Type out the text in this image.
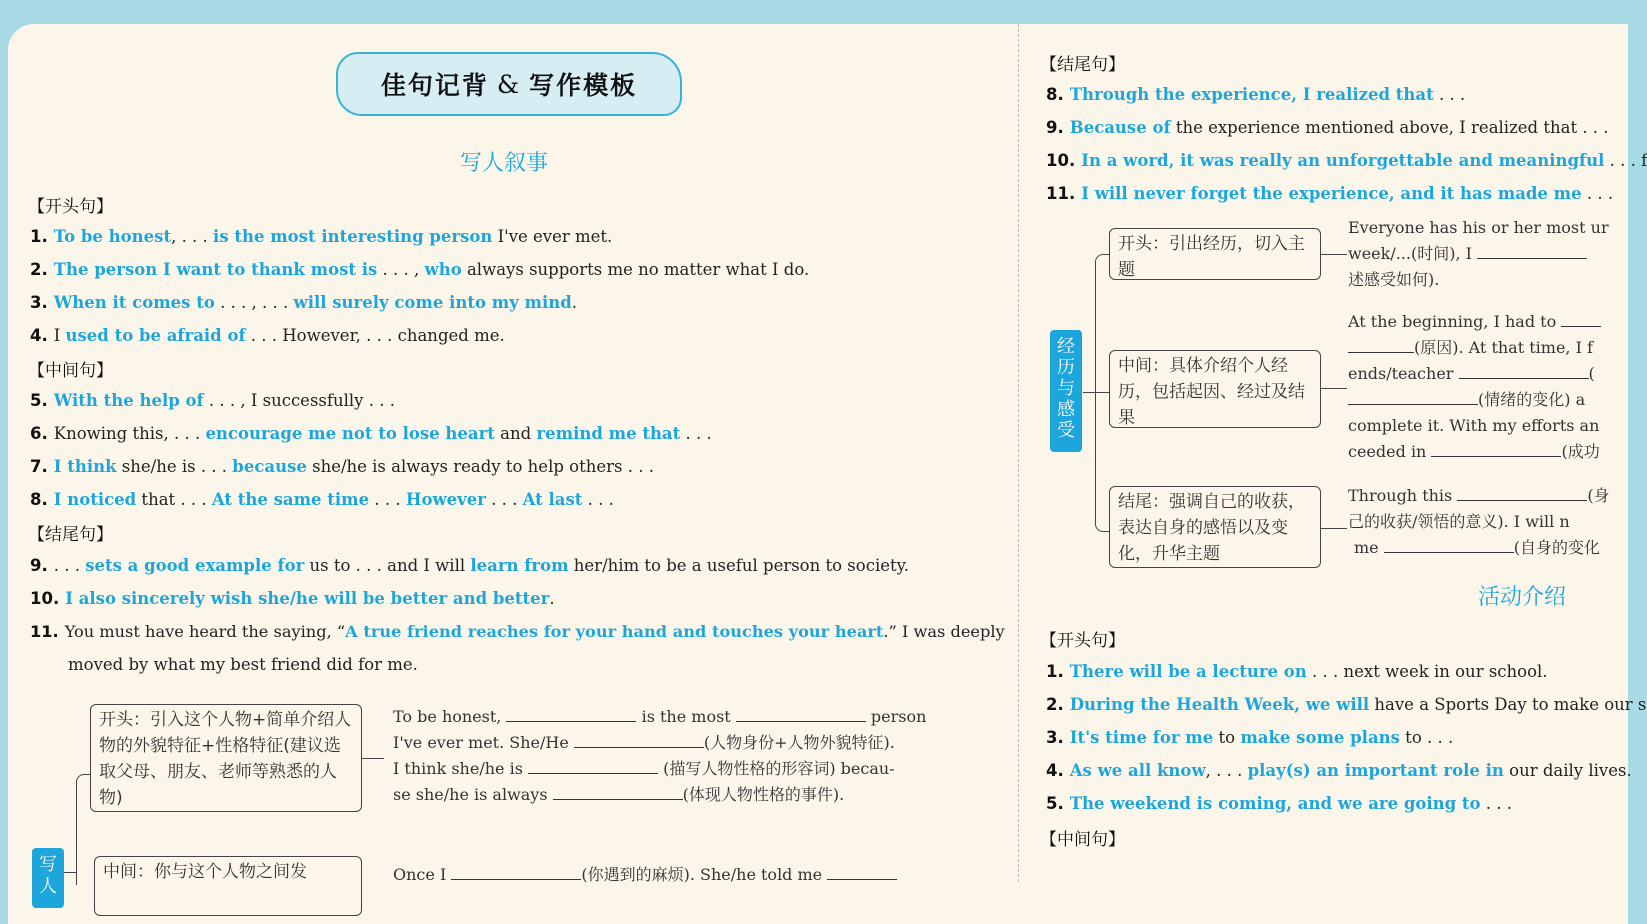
佳句记背 & 写作模板
写人叙事
【开头句】
1. To be honest, . . . is the most interesting person I've ever met.
2. The person I want to thank most is . . . , who always supports me no matter what I do.
3. When it comes to . . . , . . . will surely come into my mind.
4. I used to be afraid of . . . However, . . . changed me.
【中间句】
5. With the help of . . . , I successfully . . .
6. Knowing this, . . . encourage me not to lose heart and remind me that . . .
7. I think she/he is . . . because she/he is always ready to help others . . .
8. I noticed that . . . At the same time . . . However . . . At last . . .
【结尾句】
9. . . . sets a good example for us to . . . and I will learn from her/him to be a useful person to society.
10. I also sincerely wish she/he will be better and better.
11. You must have heard the saying, “A true friend reaches for your hand and touches your heart.” I was deeply
moved by what my best friend did for me.
写人
开头：引入这个人物+简单介绍人物的外貌特征+性格特征(建议选取父母、朋友、老师等熟悉的人物)
To be honest,	is the most	person
I've ever met. She/He	(人物身份+人物外貌特征).
I think she/he is	(描写人物性格的形容词) becau-
se she/he is always	(体现人物性格的事件).
中间：你与这个人物之间发	Once I	(你遇到的麻烦). She/he told me
【结尾句】
8. Through the experience, I realized that . . .
9. Because of the experience mentioned above, I realized that . . .
10. In a word, it was really an unforgettable and meaningful . . . f
11. I will never forget the experience, and it has made me . . .
经历与感受
开头：引出经历，切入主题
中间：具体介绍个人经历，包括起因、经过及结果
结尾：强调自己的收获，表达自身的感悟以及变化，升华主题
Everyone has his or her most ur
week/...(时间), I
述感受如何).
At the beginning, I had to
(原因). At that time, I f
ends/teacher	(
(情绪的变化) a
complete it. With my efforts an
ceeded in	(成功
Through this	(身
己的收获/领悟的意义). I will n
me	(自身的变化
活动介绍
【开头句】
1. There will be a lecture on . . . next week in our school.
2. During the Health Week, we will have a Sports Day to make our s
3. It's time for me to make some plans to . . .
4. As we all know, . . . play(s) an important role in our daily lives.
5. The weekend is coming, and we are going to . . .
【中间句】
